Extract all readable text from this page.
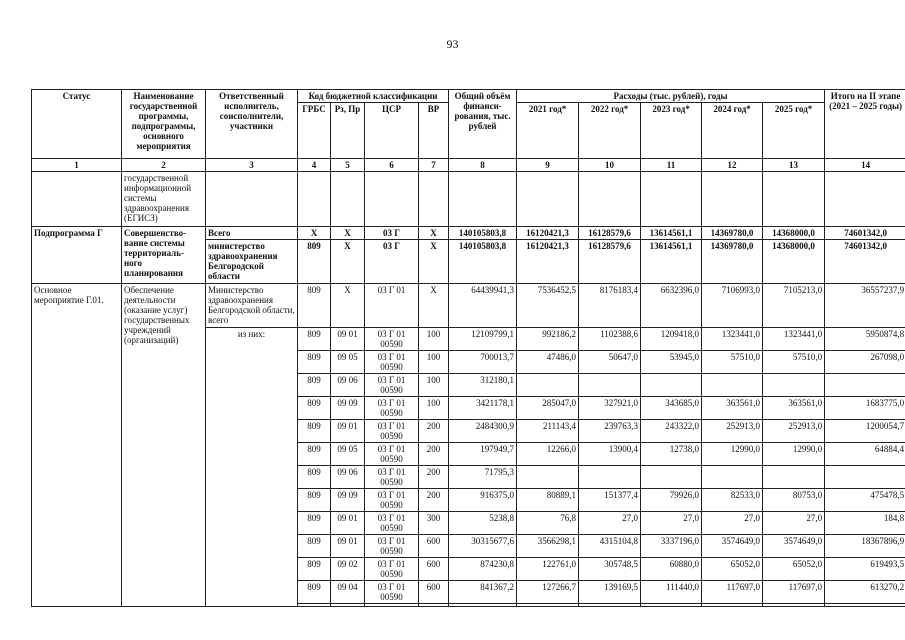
93
Статус	Наименование государственной программы, подпрограммы, основного мероприятия	Ответственный исполнитель, соисполнители, участники	Код бюджетной классификации				Общий объём финанси- рования, тыс. рублей	Расходы (тыс. рублей), годы					Итого на II этапе (2021 – 2025 годы)
			ГРБС	Рз, Пр	ЦСР	ВР		2021 год*	2022 год*	2023 год*	2024 год*	2025 год*	
1	2	3	4	5	6	7	8	9	10	11	12	13	14
	государственной информационной системы здравоохранения (ЕГИСЗ)												
Подпрограмма Г	Совершенство- вание системы территориаль- ного планирования	Всего	Х	Х	03 Г	Х	140105803,8	16120421,3	16128579,6	13614561,1	14369780,0	14368000,0	74601342,0
		министерство здравоохранения Белгородской области	809	Х	03 Г	Х	140105803,8	16120421,3	16128579,6	13614561,1	14369780,0	14368000,0	74601342,0
Основное мероприятие Г.01.	Обеспечение деятельности (оказание услуг) государственных учреждений (организаций)	Министерство здравоохранения Белгородской области, всего	809	Х	03 Г 01	Х	64439941,3	7536452,5	8176183,4	6632396,0	7106993,0	7105213,0	36557237,9
		из них:	809	09 01	03 Г 01 00590	100	12109799,1	992186,2	1102388,6	1209418,0	1323441,0	1323441,0	5950874,8
			809	09 05	03 Г 01 00590	100	700013,7	47486,0	50647,0	53945,0	57510,0	57510,0	267098,0
			809	09 06	03 Г 01 00590	100	312180,1						
			809	09 09	03 Г 01 00590	100	3421178,1	285047,0	327921,0	343685,0	363561,0	363561,0	1683775,0
			809	09 01	03 Г 01 00590	200	2484300,9	211143,4	239763,3	243322,0	252913,0	252913,0	1200054,7
			809	09 05	03 Г 01 00590	200	197949,7	12266,0	13900,4	12738,0	12990,0	12990,0	64884,4
			809	09 06	03 Г 01 00590	200	71795,3						
			809	09 09	03 Г 01 00590	200	916375,0	80889,1	151377,4	79926,0	82533,0	80753,0	475478,5
			809	09 01	03 Г 01 00590	300	5238,8	76,8	27,0	27,0	27,0	27,0	184,8
			809	09 01	03 Г 01 00590	600	30315677,6	3566298,1	4315104,8	3337196,0	3574649,0	3574649,0	18367896,9
			809	09 02	03 Г 01 00590	600	874230,8	122761,0	305748,5	60880,0	65052,0	65052,0	619493,5
			809	09 04	03 Г 01 00590	600	841367,2	127266,7	139169,5	111440,0	117697,0	117697,0	613270,2
